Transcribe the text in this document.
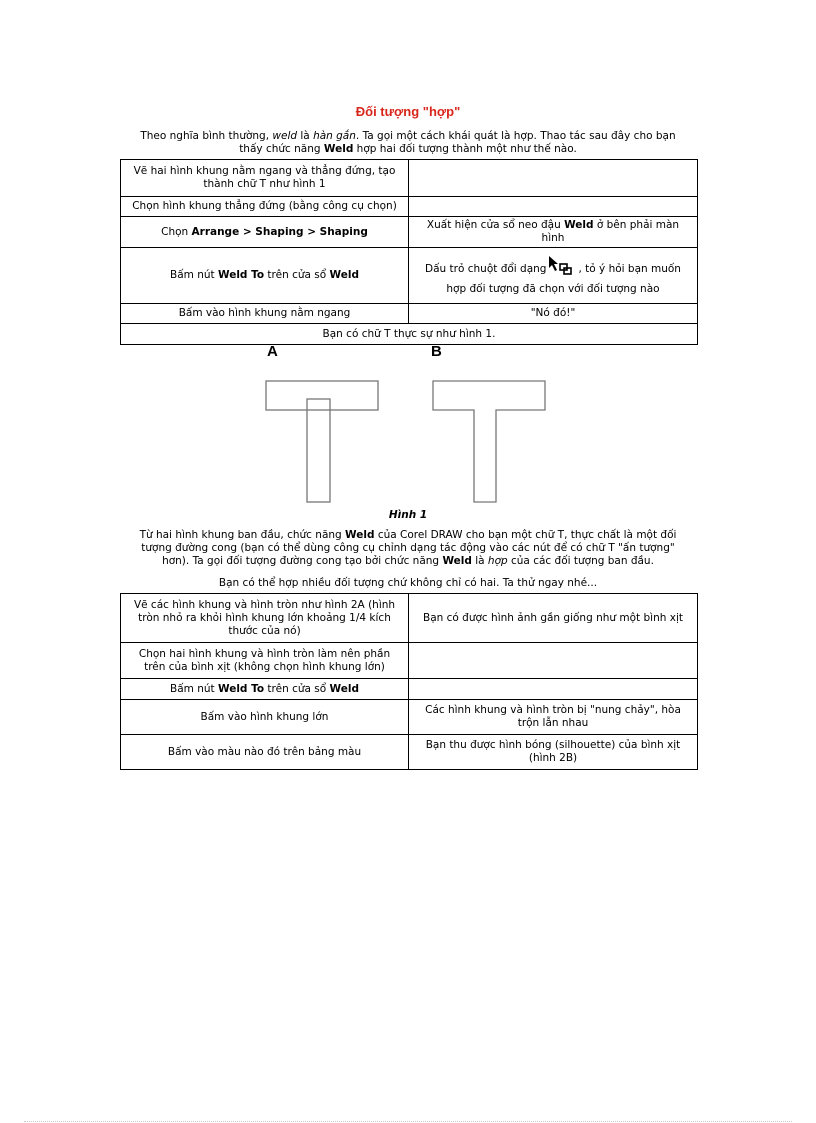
Đối tượng "hợp"
Theo nghĩa bình thường, weld là hàn gắn. Ta gọi một cách khái quát là hợp. Thao tác sau đây cho bạn thấy chức năng Weld hợp hai đối tượng thành một như thế nào.
Vẽ hai hình khung nằm ngang và thẳng đứng, tạo thành chữ T như hình 1	
Chọn hình khung thẳng đứng (bằng công cụ chọn)	
Chọn Arrange > Shaping > Shaping	Xuất hiện cửa sổ neo đậu Weld ở bên phải màn hình
Bấm nút Weld To trên cửa sổ Weld	Dấu trỏ chuột đổi dạng , tỏ ý hỏi bạn muốn hợp đối tượng đã chọn với đối tượng nào
Bấm vào hình khung nằm ngang	"Nó đó!"
Bạn có chữ T thực sự như hình 1.	
A	B
Hình 1
Từ hai hình khung ban đầu, chức năng Weld của Corel DRAW cho bạn một chữ T, thực chất là một đối tượng đường cong (bạn có thể dùng công cụ chỉnh dạng tác động vào các nút để có chữ T "ấn tượng" hơn). Ta gọi đối tượng đường cong tạo bởi chức năng Weld là hợp của các đối tượng ban đầu.
Bạn có thể hợp nhiều đối tượng chứ không chỉ có hai. Ta thử ngay nhé...
Vẽ các hình khung và hình tròn như hình 2A (hình tròn nhỏ ra khỏi hình khung lớn khoảng 1/4 kích thước của nó)	Bạn có được hình ảnh gần giống như một bình xịt
Chọn hai hình khung và hình tròn làm nên phần trên của bình xịt (không chọn hình khung lớn)	
Bấm nút Weld To trên cửa sổ Weld	
Bấm vào hình khung lớn	Các hình khung và hình tròn bị "nung chảy", hòa trộn lẫn nhau
Bấm vào màu nào đó trên bảng màu	Bạn thu được hình bóng (silhouette) của bình xịt (hình 2B)
